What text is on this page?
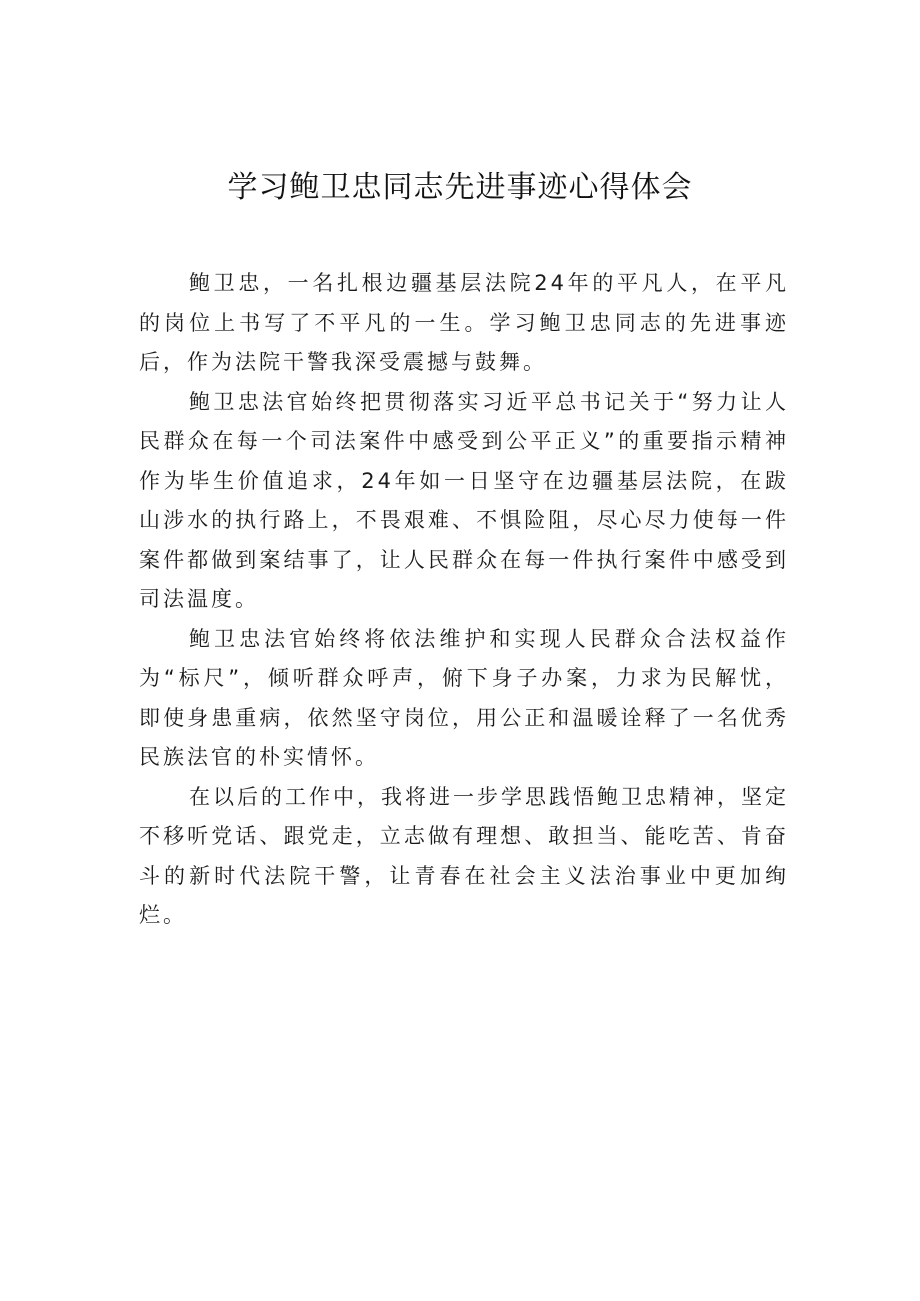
学习鲍卫忠同志先进事迹心得体会

鲍卫忠，一名扎根边疆基层法院24年的平凡人，在平凡的岗位上书写了不平凡的一生。学习鲍卫忠同志的先进事迹后，作为法院干警我深受震撼与鼓舞。

鲍卫忠法官始终把贯彻落实习近平总书记关于“努力让人民群众在每一个司法案件中感受到公平正义”的重要指示精神作为毕生价值追求，24年如一日坚守在边疆基层法院，在跋山涉水的执行路上，不畏艰难、不惧险阻，尽心尽力使每一件案件都做到案结事了，让人民群众在每一件执行案件中感受到司法温度。

鲍卫忠法官始终将依法维护和实现人民群众合法权益作为“标尺”，倾听群众呼声，俯下身子办案，力求为民解忧，即使身患重病，依然坚守岗位，用公正和温暖诠释了一名优秀民族法官的朴实情怀。

在以后的工作中，我将进一步学思践悟鲍卫忠精神，坚定不移听党话、跟党走，立志做有理想、敢担当、能吃苦、肯奋斗的新时代法院干警，让青春在社会主义法治事业中更加绚烂。
